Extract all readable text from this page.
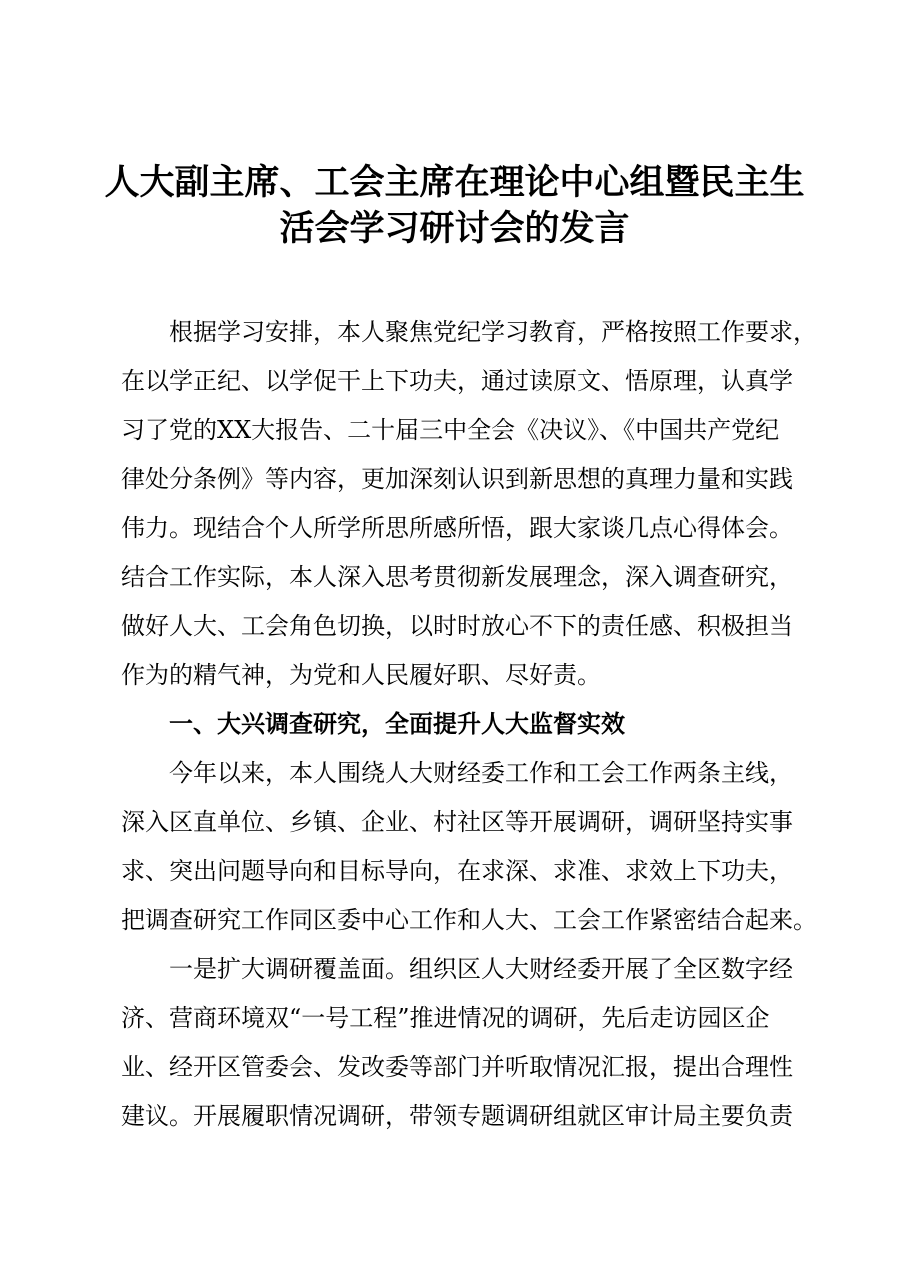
人大副主席、工会主席在理论中心组暨民主生
活会学习研讨会的发言
　　根据学习安排，本人聚焦党纪学习教育，严格按照工作要求，
在以学正纪、以学促干上下功夫，通过读原文、悟原理，认真学
习了党的XX大报告、二十届三中全会《决议》、《中国共产党纪
律处分条例》等内容，更加深刻认识到新思想的真理力量和实践
伟力。现结合个人所学所思所感所悟，跟大家谈几点心得体会。
结合工作实际，本人深入思考贯彻新发展理念，深入调查研究，
做好人大、工会角色切换，以时时放心不下的责任感、积极担当
作为的精气神，为党和人民履好职、尽好责。
　　一、大兴调查研究，全面提升人大监督实效
　　今年以来，本人围绕人大财经委工作和工会工作两条主线，
深入区直单位、乡镇、企业、村社区等开展调研，调研坚持实事
求、突出问题导向和目标导向，在求深、求准、求效上下功夫，
把调查研究工作同区委中心工作和人大、工会工作紧密结合起来。
　　一是扩大调研覆盖面。组织区人大财经委开展了全区数字经
济、营商环境双“一号工程”推进情况的调研，先后走访园区企
业、经开区管委会、发改委等部门并听取情况汇报，提出合理性
建议。开展履职情况调研，带领专题调研组就区审计局主要负责
